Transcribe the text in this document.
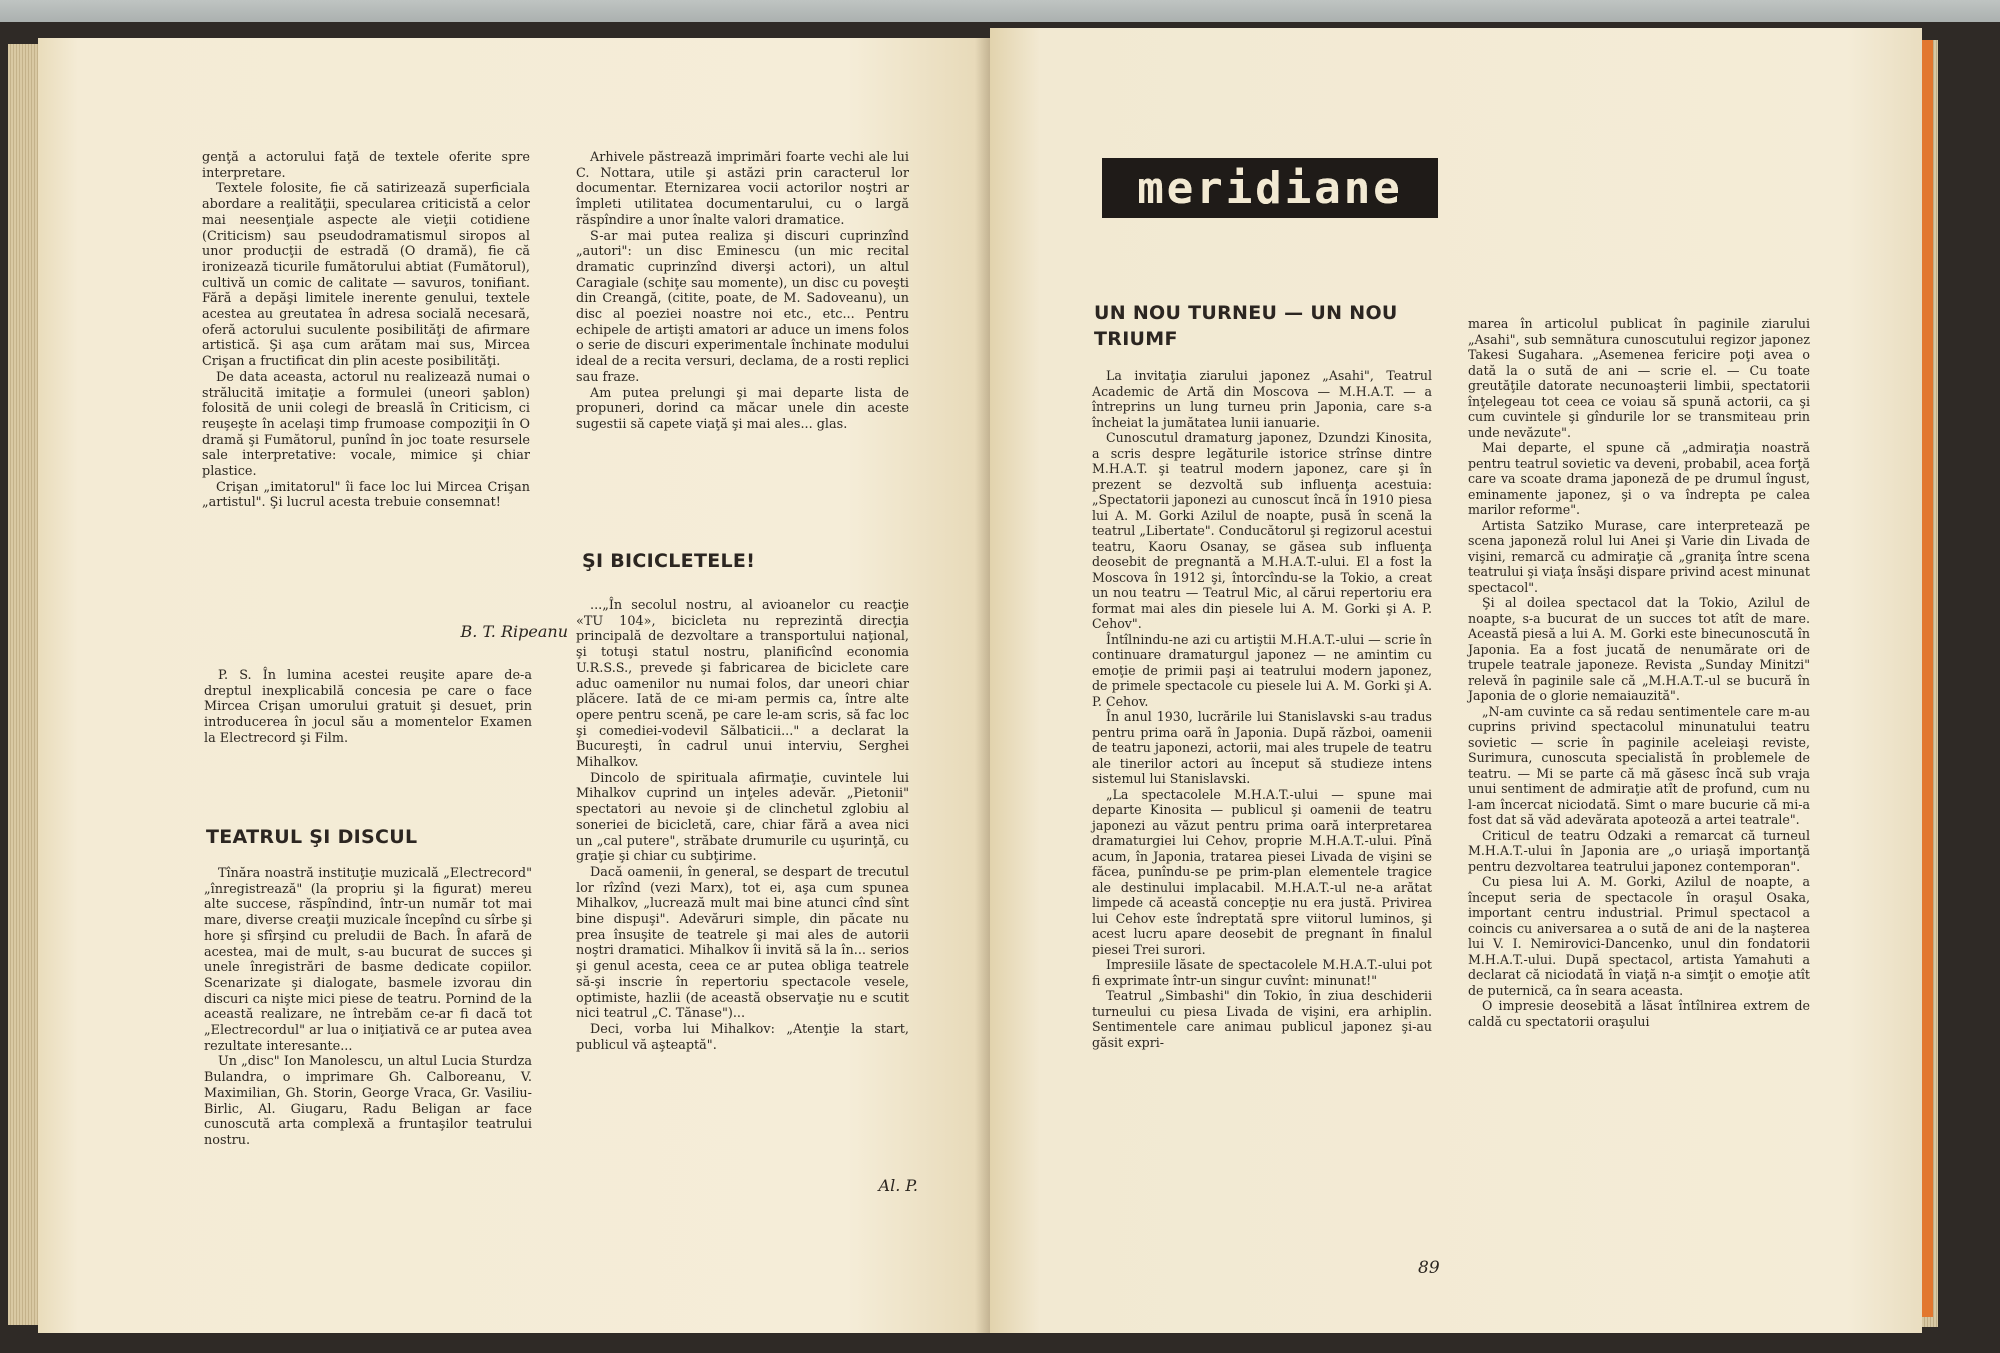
genţă a actorului faţă de textele oferite spre interpretare.

Textele folosite, fie că satirizează superficiala abordare a realităţii, specularea criticistă a celor mai neesenţiale aspecte ale vieţii cotidiene (Criticism) sau pseudodramatismul siropos al unor producţii de estradă (O dramă), fie că ironizează ticurile fumătorului abtiat (Fumătorul), cultivă un comic de calitate — savuros, tonifiant. Fără a depăşi limitele inerente genului, textele acestea au greutatea în adresa socială necesară, oferă actorului suculente posibilităţi de afirmare artistică. Şi aşa cum arătam mai sus, Mircea Crişan a fructificat din plin aceste posibilităţi.

De data aceasta, actorul nu realizează numai o strălucită imitaţie a formulei (uneori şablon) folosită de unii colegi de breaslă în Criticism, ci reuşeşte în acelaşi timp frumoase compoziţii în O dramă şi Fumătorul, punînd în joc toate resursele sale interpretative: vocale, mimice şi chiar plastice.

Crişan „imitatorul" îi face loc lui Mircea Crişan „artistul". Şi lucrul acesta trebuie consemnat!

B. T. Ripeanu

P. S. În lumina acestei reuşite apare de-a dreptul inexplicabilă concesia pe care o face Mircea Crişan umorului gratuit şi desuet, prin introducerea în jocul său a momentelor Examen la Electrecord şi Film.

TEATRUL ŞI DISCUL

Tînăra noastră instituţie muzicală „Electrecord" „înregistrează" (la propriu şi la figurat) mereu alte succese, răspîndind, într-un număr tot mai mare, diverse creaţii muzicale începînd cu sîrbe şi hore şi sfîrşind cu preludii de Bach. În afară de acestea, mai de mult, s-au bucurat de succes şi unele înregistrări de basme dedicate copiilor. Scenarizate şi dialogate, basmele izvorau din discuri ca nişte mici piese de teatru. Pornind de la această realizare, ne întrebăm ce-ar fi dacă tot „Electrecordul" ar lua o iniţiativă ce ar putea avea rezultate interesante...

Un „disc" Ion Manolescu, un altul Lucia Sturdza Bulandra, o imprimare Gh. Calboreanu, V. Maximilian, Gh. Storin, George Vraca, Gr. Vasiliu-Birlic, Al. Giugaru, Radu Beligan ar face cunoscută arta complexă a fruntaşilor teatrului nostru.

Arhivele păstrează imprimări foarte vechi ale lui C. Nottara, utile şi astăzi prin caracterul lor documentar. Eternizarea vocii actorilor noştri ar împleti utilitatea documentarului, cu o largă răspîndire a unor înalte valori dramatice.

S-ar mai putea realiza şi discuri cuprinzînd „autori": un disc Eminescu (un mic recital dramatic cuprinzînd diverşi actori), un altul Caragiale (schiţe sau momente), un disc cu poveşti din Creangă, (citite, poate, de M. Sadoveanu), un disc al poeziei noastre noi etc., etc... Pentru echipele de artişti amatori ar aduce un imens folos o serie de discuri experimentale închinate modului ideal de a recita versuri, declama, de a rosti replici sau fraze.

Am putea prelungi şi mai departe lista de propuneri, dorind ca măcar unele din aceste sugestii să capete viaţă şi mai ales... glas.

ŞI BICICLETELE!

...„În secolul nostru, al avioanelor cu reacţie «TU 104», bicicleta nu reprezintă direcţia principală de dezvoltare a transportului naţional, şi totuşi statul nostru, planificînd economia U.R.S.S., prevede şi fabricarea de biciclete care aduc oamenilor nu numai folos, dar uneori chiar plăcere. Iată de ce mi-am permis ca, între alte opere pentru scenă, pe care le-am scris, să fac loc şi comediei-vodevil Sălbaticii..." a declarat la Bucureşti, în cadrul unui interviu, Serghei Mihalkov.

Dincolo de spiritualа afirmaţie, cuvintele lui Mihalkov cuprind un inţeles adevăr. „Pietonii" spectatori au nevoie şi de clinchetul zglobiu al soneriei de bicicletă, care, chiar fără a avea nici un „cal putere", străbate drumurile cu uşurinţă, cu graţie şi chiar cu subţirime.

Dacă oamenii, în general, se despart de trecutul lor rîzînd (vezi Marx), tot ei, aşa cum spunea Mihalkov, „lucrează mult mai bine atunci cînd sînt bine dispuşi". Adevăruri simple, din păcate nu prea însuşite de teatrele şi mai ales de autorii noştri dramatici. Mihalkov îi invită să la în... serios şi genul acesta, ceea ce ar putea obliga teatrele să-şi inscrie în repertoriu spectacole vesele, optimiste, hazlii (de această observaţie nu e scutit nici teatrul „C. Tănase")...

Deci, vorba lui Mihalkov: „Atenţie la start, publicul vă aşteaptă".

Al. P.
UN NOU TURNEU — UN NOU TRIUMF

La invitaţia ziarului japonez „Asahi", Teatrul Academic de Artă din Moscova — M.H.A.T. — a întreprins un lung turneu prin Japonia, care s-a încheiat la jumătatea lunii ianuarie.

Cunoscutul dramaturg japonez, Dzundzi Kinosita, a scris despre legăturile istorice strînse dintre M.H.A.T. şi teatrul modern japonez, care şi în prezent se dezvoltă sub influenţa acestuia: „Spectatorii japonezi au cunoscut încă în 1910 piesa lui A. M. Gorki Azilul de noapte, pusă în scenă la teatrul „Libertate". Conducătorul şi regizorul acestui teatru, Kaoru Osanay, se găsea sub influenţa deosebit de pregnantă a M.H.A.T.-ului. El a fost la Moscova în 1912 şi, întorcîndu-se la Tokio, a creat un nou teatru — Teatrul Mic, al cărui repertoriu era format mai ales din piesele lui A. M. Gorki şi A. P. Cehov".

Întîlnindu-ne azi cu artiştii M.H.A.T.-ului — scrie în continuare dramaturgul japonez — ne amintim cu emoţie de primii paşi ai teatrului modern japonez, de primele spectacole cu piesele lui A. M. Gorki şi A. P. Cehov.

În anul 1930, lucrările lui Stanislavski s-au tradus pentru prima oară în Japonia. După război, oamenii de teatru japonezi, actorii, mai ales trupele de teatru ale tinerilor actori au început să studieze intens sistemul lui Stanislavski.

„La spectacolele M.H.A.T.-ului — spune mai departe Kinosita — publicul şi oamenii de teatru japonezi au văzut pentru prima oară interpretarea dramaturgiei lui Cehov, proprie M.H.A.T.-ului. Pînă acum, în Japonia, tratarea piesei Livada de vişini se făcea, punîndu-se pe prim-plan elementele tragice ale destinului implacabil. M.H.A.T.-ul ne-a arătat limpede că această concepţie nu era justă. Privirea lui Cehov este îndreptată spre viitorul luminos, şi acest lucru apare deosebit de pregnant în finalul piesei Trei surori.

Impresiile lăsate de spectacolele M.H.A.T.-ului pot fi exprimate într-un singur cuvînt: minunat!"

Teatrul „Simbashi" din Tokio, în ziua deschiderii turneului cu piesa Livada de vişini, era arhiplin. Sentimentele care animau publicul japonez şi-au găsit expri-

marea în articolul publicat în paginile ziarului „Asahi", sub semnătura cunoscutului regizor japonez Takesi Sugahara. „Asemenea fericire poţi avea o dată la o sută de ani — scrie el. — Cu toate greutăţile datorate necunoaşterii limbii, spectatorii înţelegeau tot ceea ce voiau să spună actorii, ca şi cum cuvintele şi gîndurile lor se transmiteau prin unde nevăzute".

Mai departe, el spune că „admiraţia noastră pentru teatrul sovietic va deveni, probabil, acea forţă care va scoate drama japoneză de pe drumul îngust, eminamente japonez, şi o va îndrepta pe calea marilor reforme".

Artista Satziko Murase, care interpretează pe scena japoneză rolul lui Anei şi Varie din Livada de vişini, remarcă cu admiraţie că „graniţa între scena teatrului şi viaţa însăşi dispare privind acest minunat spectacol".

Şi al doilea spectacol dat la Tokio, Azilul de noapte, s-a bucurat de un succes tot atît de mare. Această piesă a lui A. M. Gorki este binecunoscută în Japonia. Ea a fost jucată de nenumărate ori de trupele teatrale japoneze. Revista „Sunday Minitzi" relevă în paginile sale că „M.H.A.T.-ul se bucură în Japonia de o glorie nemaiauzită".

„N-am cuvinte ca să redau sentimentele care m-au cuprins privind spectacolul minunatului teatru sovietic — scrie în paginile aceleiaşi reviste, Surimura, cunoscuta specialistă în problemele de teatru. — Mi se parte că mă găsesc încă sub vraja unui sentiment de admiraţie atît de profund, cum nu l-am încercat niciodată. Simt o mare bucurie că mi-a fost dat să văd adevărata apoteoză a artei teatrale".

Criticul de teatru Odzaki a remarcat că turneul M.H.A.T.-ului în Japonia are „o uriaşă importanţă pentru dezvoltarea teatrului japonez contemporan".

Cu piesa lui A. M. Gorki, Azilul de noapte, a început seria de spectacole în oraşul Osaka, important centru industrial. Primul spectacol a coincis cu aniversarea a o sută de ani de la naşterea lui V. I. Nemirovici-Dancenko, unul din fondatorii M.H.A.T.-ului. După spectacol, artista Yamahuti a declarat că niciodată în viaţă n-a simţit o emoţie atît de puternică, ca în seara aceasta.

O impresie deosebită a lăsat întîlnirea extrem de caldă cu spectatorii oraşului

meridiane
89
